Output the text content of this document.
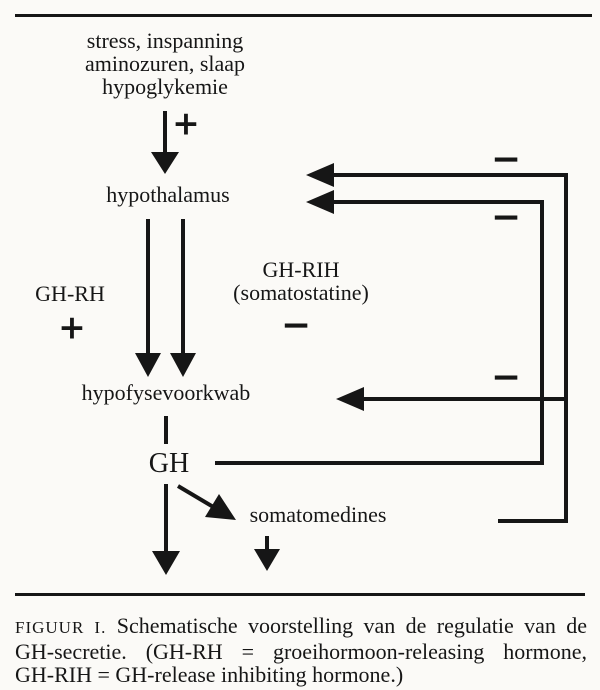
stress, inspanning
aminozuren, slaap
hypoglykemie
+
+	−
−
−
−
hypothalamus
GH-RH
GH-RIH
(somatostatine)
hypofysevoorkwab
GH
somatomedines
FIGUUR I. Schematische voorstelling van de regulatie van de
GH-secretie. (GH-RH = groeihormoon-releasing hormone,
GH-RIH = GH-release inhibiting hormone.)
